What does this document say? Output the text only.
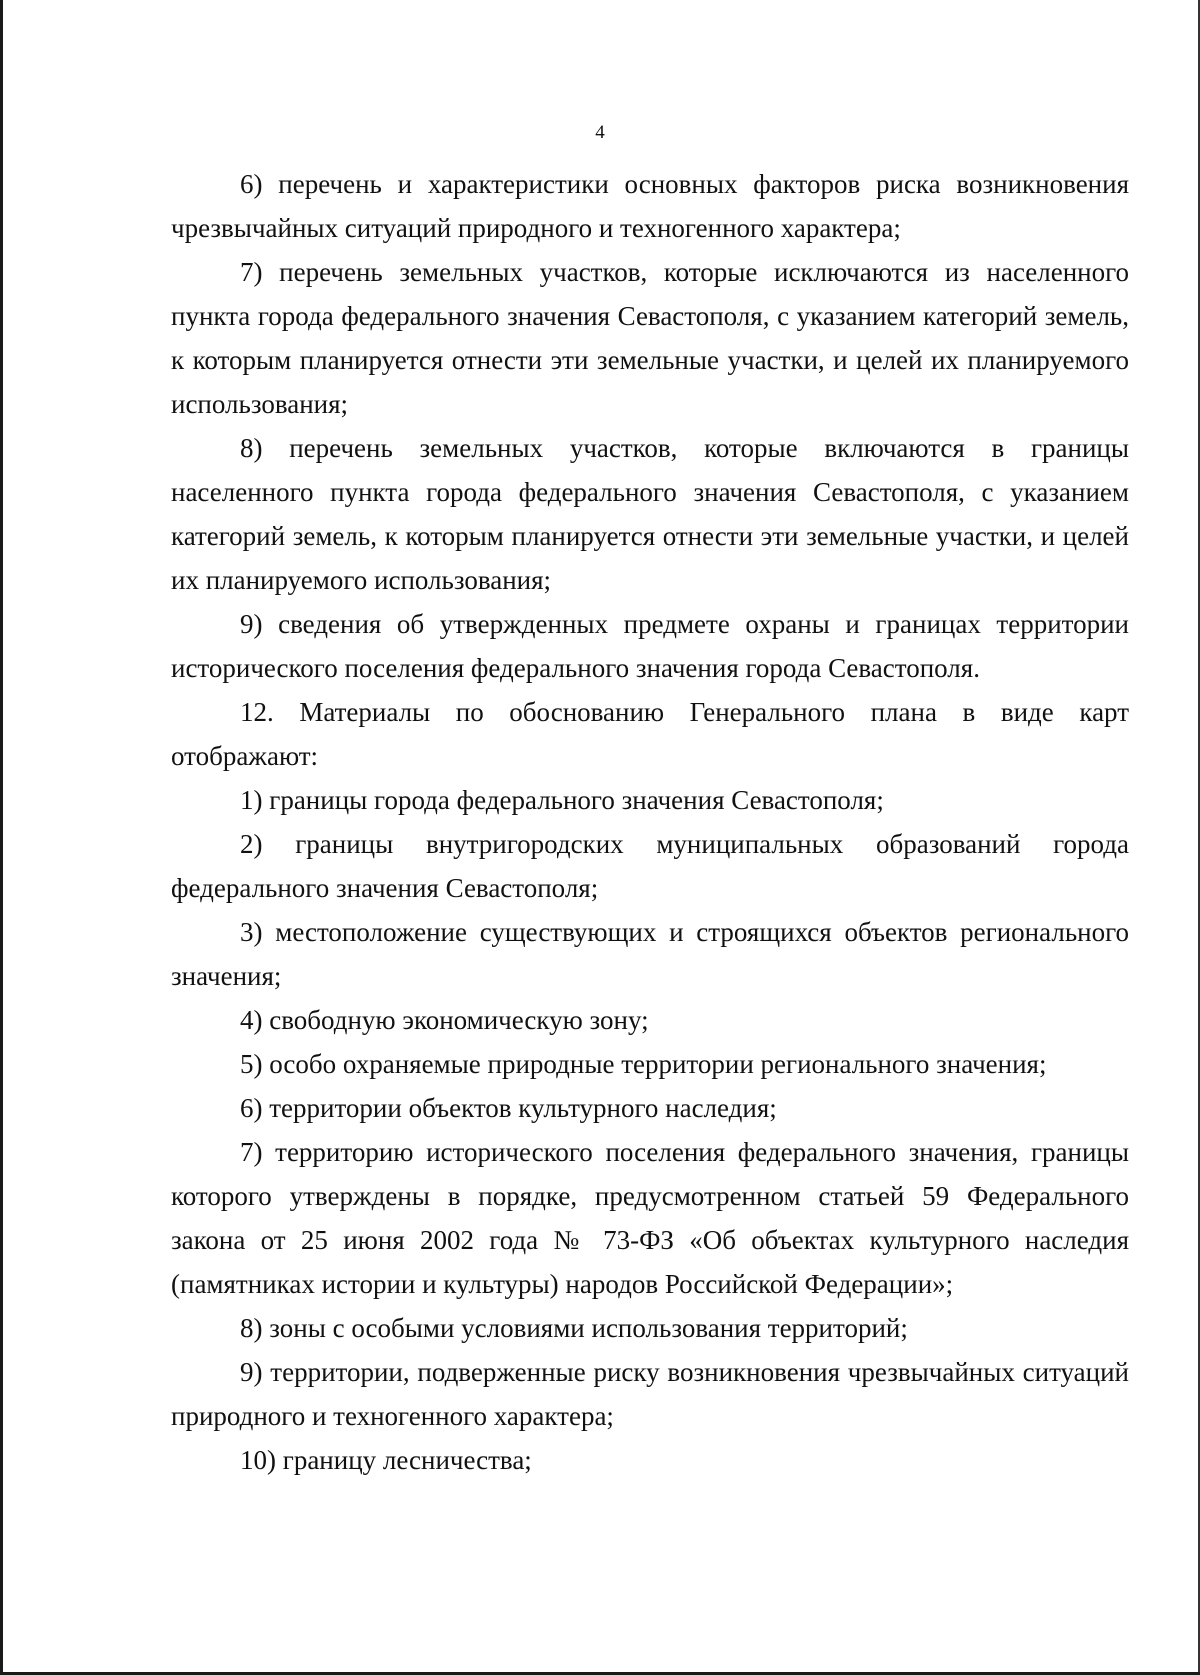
4

6) перечень и характеристики основных факторов риска возникновения чрезвычайных ситуаций природного и техногенного характера;

7) перечень земельных участков, которые исключаются из населенного пункта города федерального значения Севастополя, с указанием категорий земель, к которым планируется отнести эти земельные участки, и целей их планируемого использования;

8) перечень земельных участков, которые включаются в границы населенного пункта города федерального значения Севастополя, с указанием категорий земель, к которым планируется отнести эти земельные участки, и целей их планируемого использования;

9) сведения об утвержденных предмете охраны и границах территории исторического поселения федерального значения города Севастополя.

12. Материалы по обоснованию Генерального плана в виде карт отображают:

1) границы города федерального значения Севастополя;

2) границы внутригородских муниципальных образований города федерального значения Севастополя;

3) местоположение существующих и строящихся объектов регионального значения;

4) свободную экономическую зону;

5) особо охраняемые природные территории регионального значения;

6) территории объектов культурного наследия;

7) территорию исторического поселения федерального значения, границы которого утверждены в порядке, предусмотренном статьей 59 Федерального закона от 25 июня 2002 года № 73-ФЗ «Об объектах культурного наследия (памятниках истории и культуры) народов Российской Федерации»;

8) зоны с особыми условиями использования территорий;

9) территории, подверженные риску возникновения чрезвычайных ситуаций природного и техногенного характера;

10) границу лесничества;
